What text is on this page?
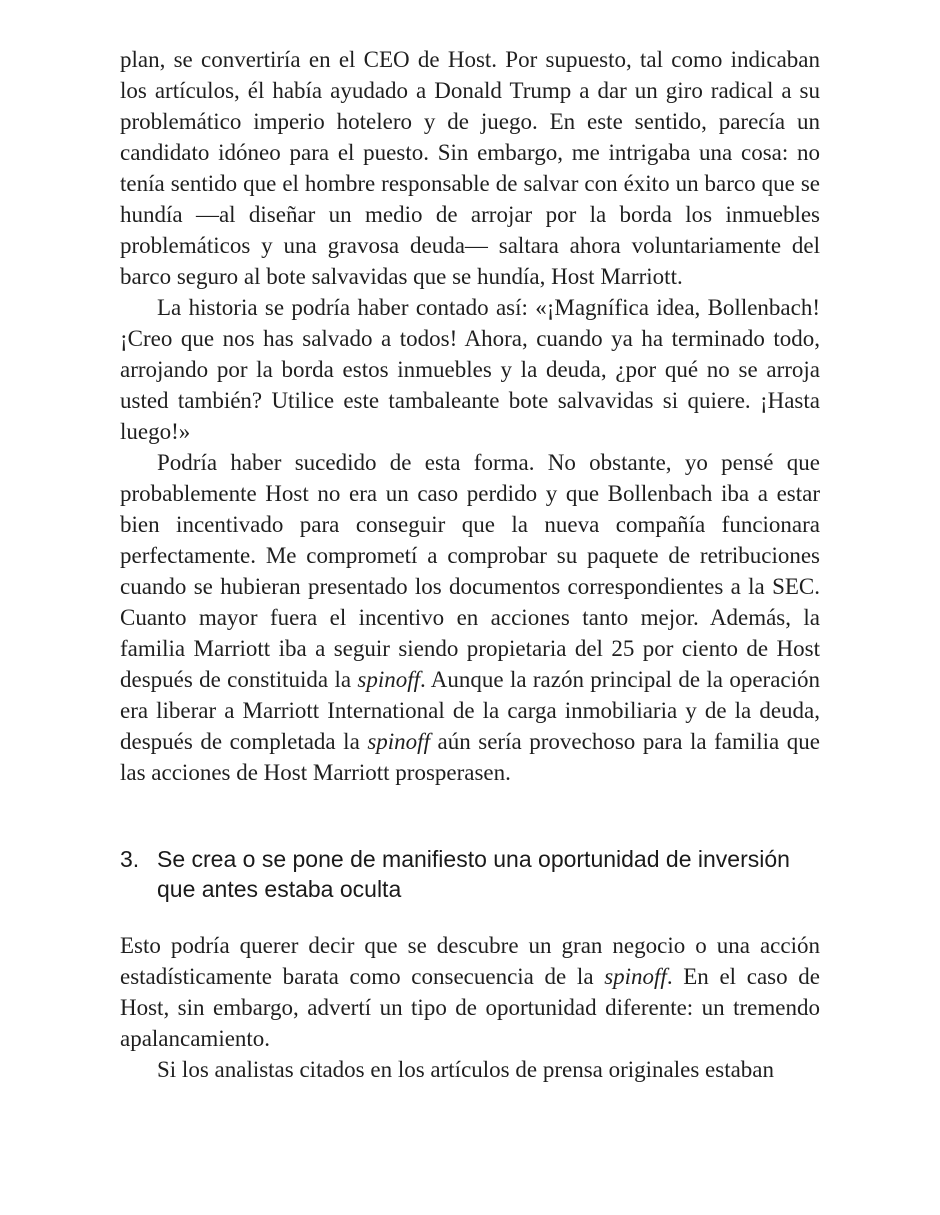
plan, se convertiría en el CEO de Host. Por supuesto, tal como indicaban los artículos, él había ayudado a Donald Trump a dar un giro radical a su problemático imperio hotelero y de juego. En este sentido, parecía un candidato idóneo para el puesto. Sin embargo, me intrigaba una cosa: no tenía sentido que el hombre responsable de salvar con éxito un barco que se hundía —al diseñar un medio de arrojar por la borda los inmuebles problemáticos y una gravosa deuda— saltara ahora voluntariamente del barco seguro al bote salvavidas que se hundía, Host Marriott.

La historia se podría haber contado así: «¡Magnífica idea, Bollenbach! ¡Creo que nos has salvado a todos! Ahora, cuando ya ha terminado todo, arrojando por la borda estos inmuebles y la deuda, ¿por qué no se arroja usted también? Utilice este tambaleante bote salvavidas si quiere. ¡Hasta luego!»

Podría haber sucedido de esta forma. No obstante, yo pensé que probablemente Host no era un caso perdido y que Bollenbach iba a estar bien incentivado para conseguir que la nueva compañía funcionara perfectamente. Me comprometí a comprobar su paquete de retribuciones cuando se hubieran presentado los documentos correspondientes a la SEC. Cuanto mayor fuera el incentivo en acciones tanto mejor. Además, la familia Marriott iba a seguir siendo propietaria del 25 por ciento de Host después de constituida la spinoff. Aunque la razón principal de la operación era liberar a Marriott International de la carga inmobiliaria y de la deuda, después de completada la spinoff aún sería provechoso para la familia que las acciones de Host Marriott prosperasen.

3. Se crea o se pone de manifiesto una oportunidad de inversión que antes estaba oculta

Esto podría querer decir que se descubre un gran negocio o una acción estadísticamente barata como consecuencia de la spinoff. En el caso de Host, sin embargo, advertí un tipo de oportunidad diferente: un tremendo apalancamiento.

Si los analistas citados en los artículos de prensa originales estaban
